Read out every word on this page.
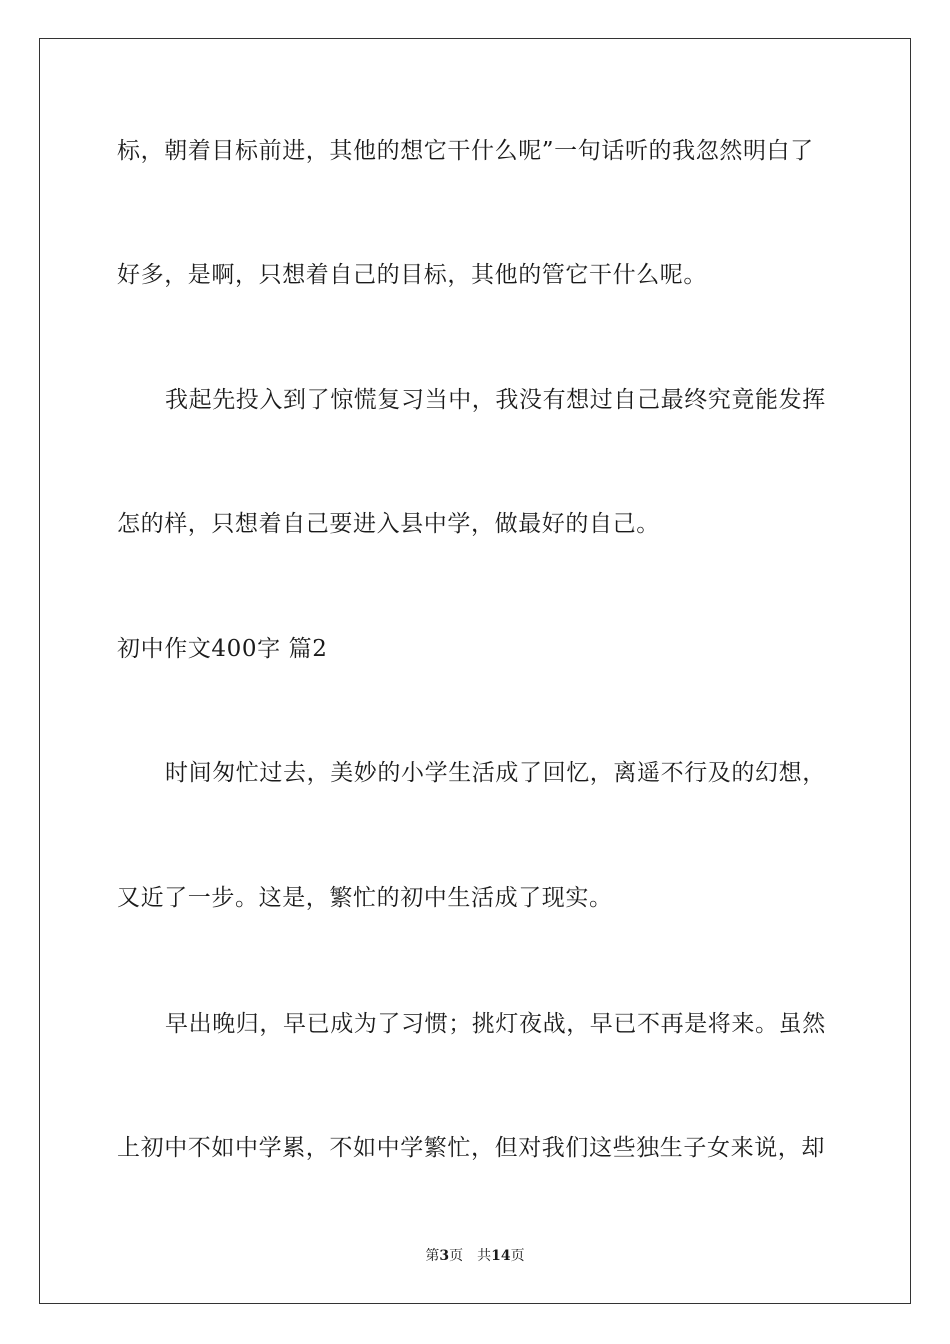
标，朝着目标前进，其他的想它干什么呢”一句话听的我忽然明白了
好多，是啊，只想着自己的目标，其他的管它干什么呢。
我起先投入到了惊慌复习当中，我没有想过自己最终究竟能发挥
怎的样，只想着自己要进入县中学，做最好的自己。
初中作文400字 篇2
时间匆忙过去，美妙的小学生活成了回忆，离遥不行及的幻想，
又近了一步。这是，繁忙的初中生活成了现实。
早出晚归，早已成为了习惯；挑灯夜战，早已不再是将来。虽然
上初中不如中学累，不如中学繁忙，但对我们这些独生子女来说，却
第3页 共14页
